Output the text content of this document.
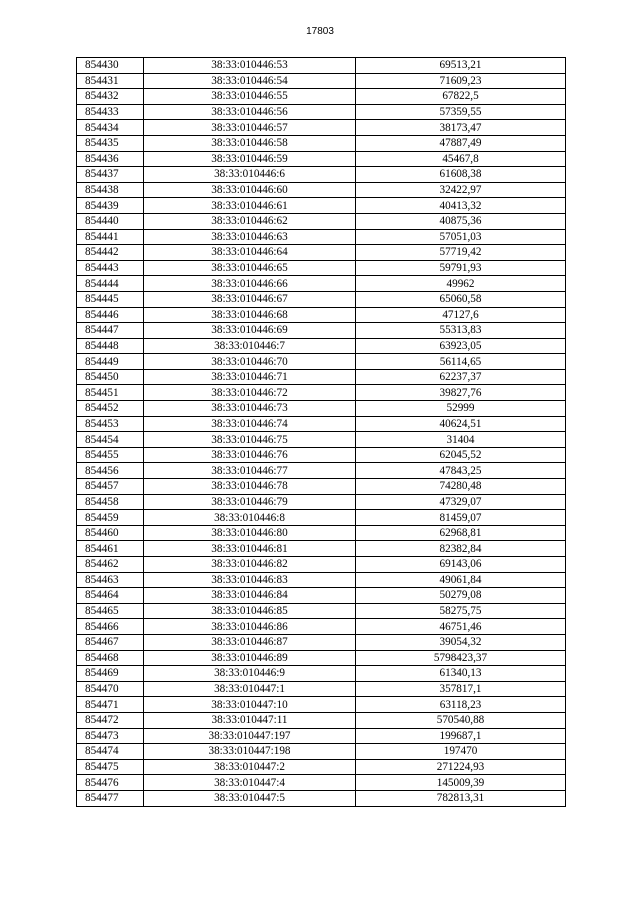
17803
854430	38:33:010446:53	69513,21
854431	38:33:010446:54	71609,23
854432	38:33:010446:55	67822,5
854433	38:33:010446:56	57359,55
854434	38:33:010446:57	38173,47
854435	38:33:010446:58	47887,49
854436	38:33:010446:59	45467,8
854437	38:33:010446:6	61608,38
854438	38:33:010446:60	32422,97
854439	38:33:010446:61	40413,32
854440	38:33:010446:62	40875,36
854441	38:33:010446:63	57051,03
854442	38:33:010446:64	57719,42
854443	38:33:010446:65	59791,93
854444	38:33:010446:66	49962
854445	38:33:010446:67	65060,58
854446	38:33:010446:68	47127,6
854447	38:33:010446:69	55313,83
854448	38:33:010446:7	63923,05
854449	38:33:010446:70	56114,65
854450	38:33:010446:71	62237,37
854451	38:33:010446:72	39827,76
854452	38:33:010446:73	52999
854453	38:33:010446:74	40624,51
854454	38:33:010446:75	31404
854455	38:33:010446:76	62045,52
854456	38:33:010446:77	47843,25
854457	38:33:010446:78	74280,48
854458	38:33:010446:79	47329,07
854459	38:33:010446:8	81459,07
854460	38:33:010446:80	62968,81
854461	38:33:010446:81	82382,84
854462	38:33:010446:82	69143,06
854463	38:33:010446:83	49061,84
854464	38:33:010446:84	50279,08
854465	38:33:010446:85	58275,75
854466	38:33:010446:86	46751,46
854467	38:33:010446:87	39054,32
854468	38:33:010446:89	5798423,37
854469	38:33:010446:9	61340,13
854470	38:33:010447:1	357817,1
854471	38:33:010447:10	63118,23
854472	38:33:010447:11	570540,88
854473	38:33:010447:197	199687,1
854474	38:33:010447:198	197470
854475	38:33:010447:2	271224,93
854476	38:33:010447:4	145009,39
854477	38:33:010447:5	782813,31
